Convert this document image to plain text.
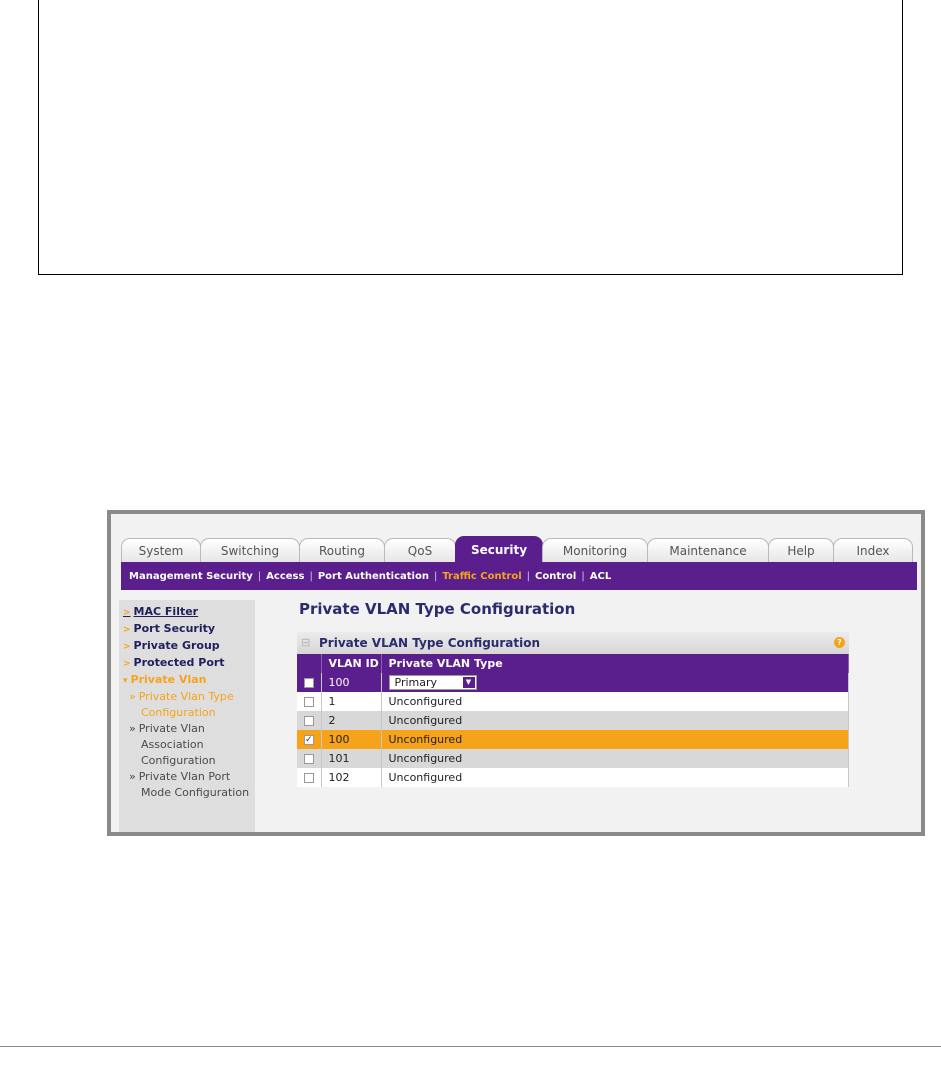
System	Switching	Routing	QoS	Security	Monitoring	Maintenance	Help	Index
Management Security | Access | Port Authentication | Traffic Control | Control | ACL
> MAC Filter
> Port Security
> Private Group
> Protected Port
▾ Private Vlan
» Private Vlan Type
Configuration
» Private Vlan
Association
Configuration
» Private Vlan Port
Mode Configuration
Private VLAN Type Configuration
⊟ Private VLAN Type Configuration	?
	VLAN ID	Private VLAN Type
	100	Primary ▼

	1	Unconfigured
	2	Unconfigured
✓	100	Unconfigured
	101	Unconfigured
	102	Unconfigured
